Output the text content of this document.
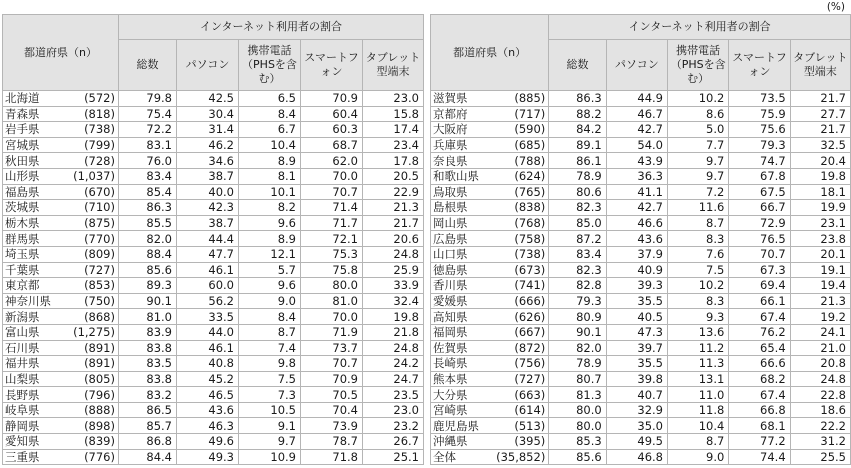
(%)
都道府県（n）		インターネット利用者の割合				
		総数	パソコン	携帯電話（PHSを含む）	スマートフォン	タブレット型端末
北海道	(572)	79.8	42.5	6.5	70.9	23.0
青森県	(818)	75.4	30.4	8.4	60.4	15.8
岩手県	(738)	72.2	31.4	6.7	60.3	17.4
宮城県	(799)	83.1	46.2	10.4	68.7	23.4
秋田県	(728)	76.0	34.6	8.9	62.0	17.8
山形県	(1,037)	83.4	38.7	8.1	70.0	20.5
福島県	(670)	85.4	40.0	10.1	70.7	22.9
茨城県	(710)	86.3	42.3	8.2	71.4	21.3
栃木県	(875)	85.5	38.7	9.6	71.7	21.7
群馬県	(770)	82.0	44.4	8.9	72.1	20.6
埼玉県	(809)	88.4	47.7	12.1	75.3	24.8
千葉県	(727)	85.6	46.1	5.7	75.8	25.9
東京都	(853)	89.3	60.0	9.6	80.0	33.9
神奈川県	(750)	90.1	56.2	9.0	81.0	32.4
新潟県	(868)	81.0	33.5	8.4	70.0	19.8
富山県	(1,275)	83.9	44.0	8.7	71.9	21.8
石川県	(891)	83.8	46.1	7.4	73.7	24.8
福井県	(891)	83.5	40.8	9.8	70.7	24.2
山梨県	(805)	83.8	45.2	7.5	70.9	24.7
長野県	(796)	83.2	46.5	7.3	70.5	23.5
岐阜県	(888)	86.5	43.6	10.5	70.4	23.0
静岡県	(898)	85.7	46.3	9.1	73.9	23.2
愛知県	(839)	86.8	49.6	9.7	78.7	26.7
三重県	(776)	84.4	49.3	10.9	71.8	25.1
都道府県（n）		インターネット利用者の割合				
		総数	パソコン	携帯電話（PHSを含む）	スマートフォン	タブレット型端末
滋賀県	(885)	86.3	44.9	10.2	73.5	21.7
京都府	(717)	88.2	46.7	8.6	75.9	27.7
大阪府	(590)	84.2	42.7	5.0	75.6	21.7
兵庫県	(685)	89.1	54.0	7.7	79.3	32.5
奈良県	(788)	86.1	43.9	9.7	74.7	20.4
和歌山県	(624)	78.9	36.3	9.7	67.8	19.8
鳥取県	(765)	80.6	41.1	7.2	67.5	18.1
島根県	(838)	82.3	42.7	11.6	66.7	19.9
岡山県	(768)	85.0	46.6	8.7	72.9	23.1
広島県	(758)	87.2	43.6	8.3	76.5	23.8
山口県	(738)	83.4	37.9	7.6	70.7	20.1
徳島県	(673)	82.3	40.9	7.5	67.3	19.1
香川県	(741)	82.8	39.3	10.2	69.4	19.4
愛媛県	(666)	79.3	35.5	8.3	66.1	21.3
高知県	(626)	80.9	40.5	9.3	67.4	19.2
福岡県	(667)	90.1	47.3	13.6	76.2	24.1
佐賀県	(872)	82.0	39.7	11.2	65.4	21.0
長崎県	(756)	78.9	35.5	11.3	66.6	20.8
熊本県	(727)	80.7	39.8	13.1	68.2	24.8
大分県	(663)	81.3	40.7	11.0	67.4	22.8
宮崎県	(614)	80.0	32.9	11.8	66.8	18.6
鹿児島県	(513)	80.0	35.0	10.4	68.1	22.2
沖縄県	(395)	85.3	49.5	8.7	77.2	31.2
全体	(35,852)	85.6	46.8	9.0	74.4	25.5
